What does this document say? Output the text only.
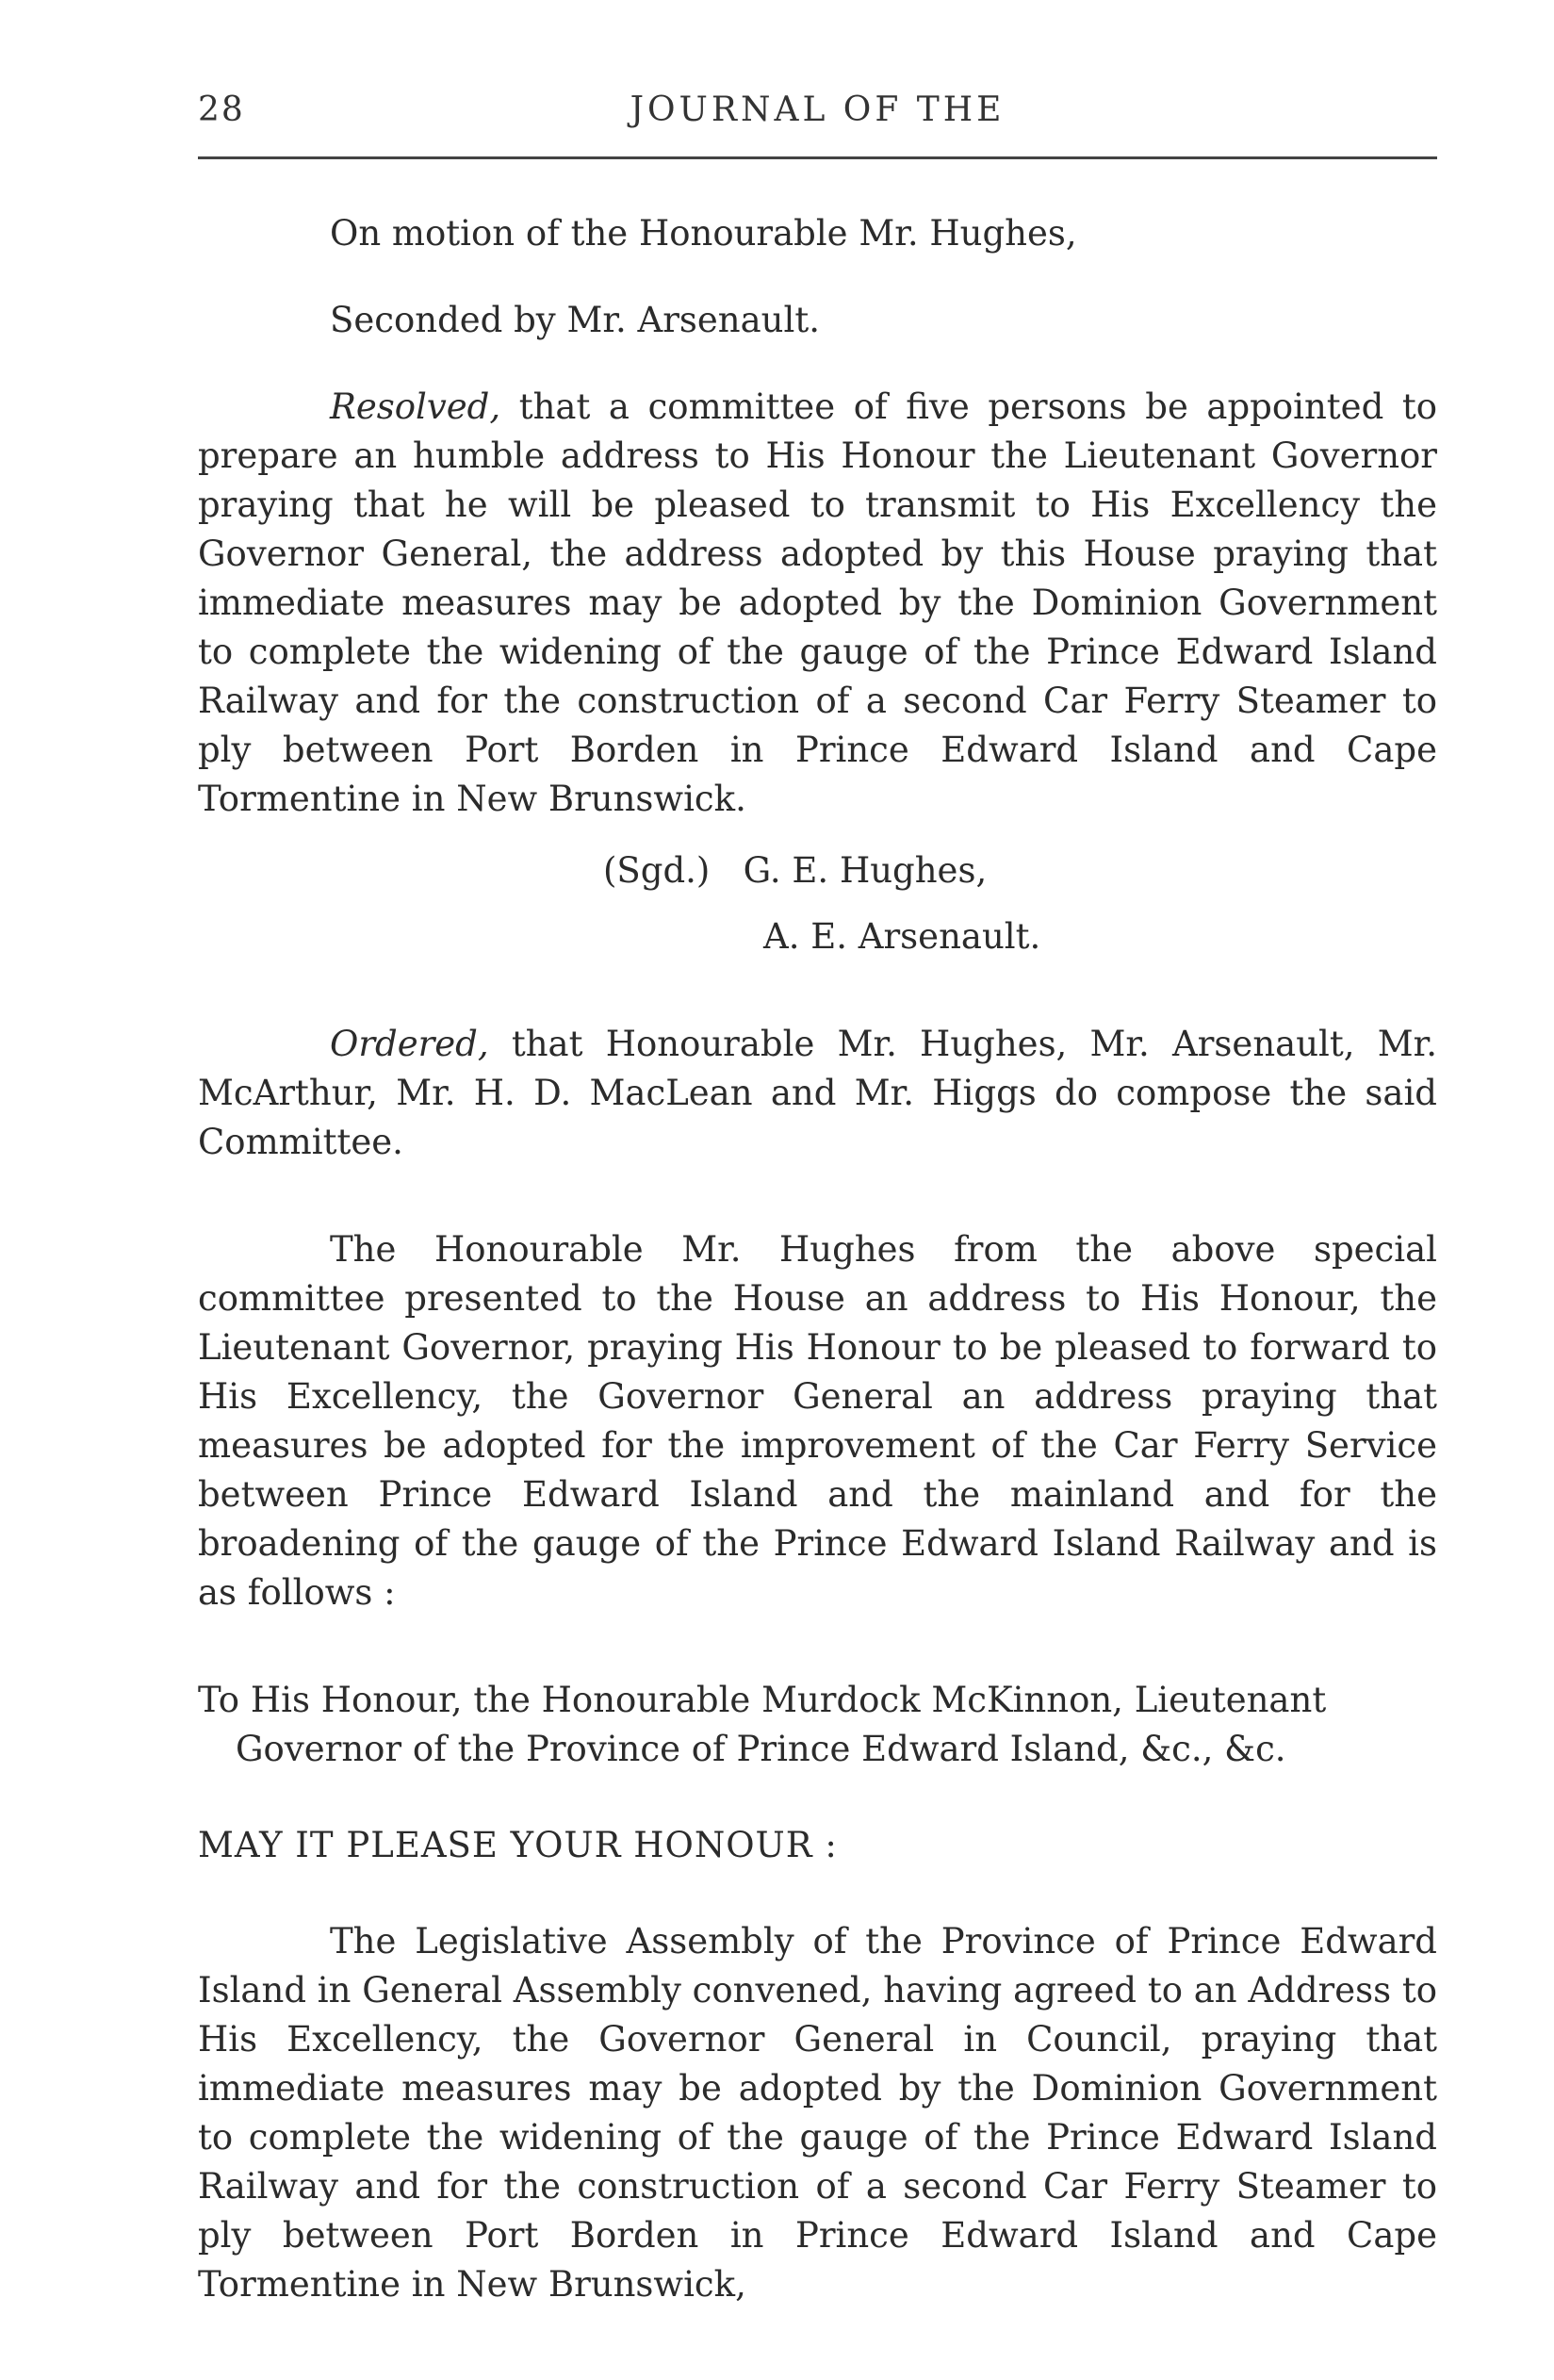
28	JOURNAL OF THE

On motion of the Honourable Mr. Hughes,

Seconded by Mr. Arsenault.

Resolved, that a committee of five persons be appointed to prepare an humble address to His Honour the Lieutenant Governor praying that he will be pleased to transmit to His Excellency the Governor General, the address adopted by this House praying that immediate measures may be adopted by the Dominion Government to complete the widening of the gauge of the Prince Edward Island Railway and for the construction of a second Car Ferry Steamer to ply between Port Borden in Prince Edward Island and Cape Tormentine in New Brunswick.

(Sgd.) G. E. Hughes,
A. E. Arsenault.

Ordered, that Honourable Mr. Hughes, Mr. Arsenault, Mr. McArthur, Mr. H. D. MacLean and Mr. Higgs do compose the said Committee.

The Honourable Mr. Hughes from the above special committee presented to the House an address to His Honour, the Lieutenant Governor, praying His Honour to be pleased to forward to His Excellency, the Governor General an address praying that measures be adopted for the improvement of the Car Ferry Service between Prince Edward Island and the mainland and for the broadening of the gauge of the Prince Edward Island Railway and is as follows :

To His Honour, the Honourable Murdock McKinnon, Lieutenant

Governor of the Province of Prince Edward Island, &c., &c.

MAY IT PLEASE YOUR HONOUR :

The Legislative Assembly of the Province of Prince Edward Island in General Assembly convened, having agreed to an Address to His Excellency, the Governor General in Council, praying that immediate measures may be adopted by the Dominion Government to complete the widening of the gauge of the Prince Edward Island Railway and for the construction of a second Car Ferry Steamer to ply between Port Borden in Prince Edward Island and Cape Tormentine in New Brunswick,
